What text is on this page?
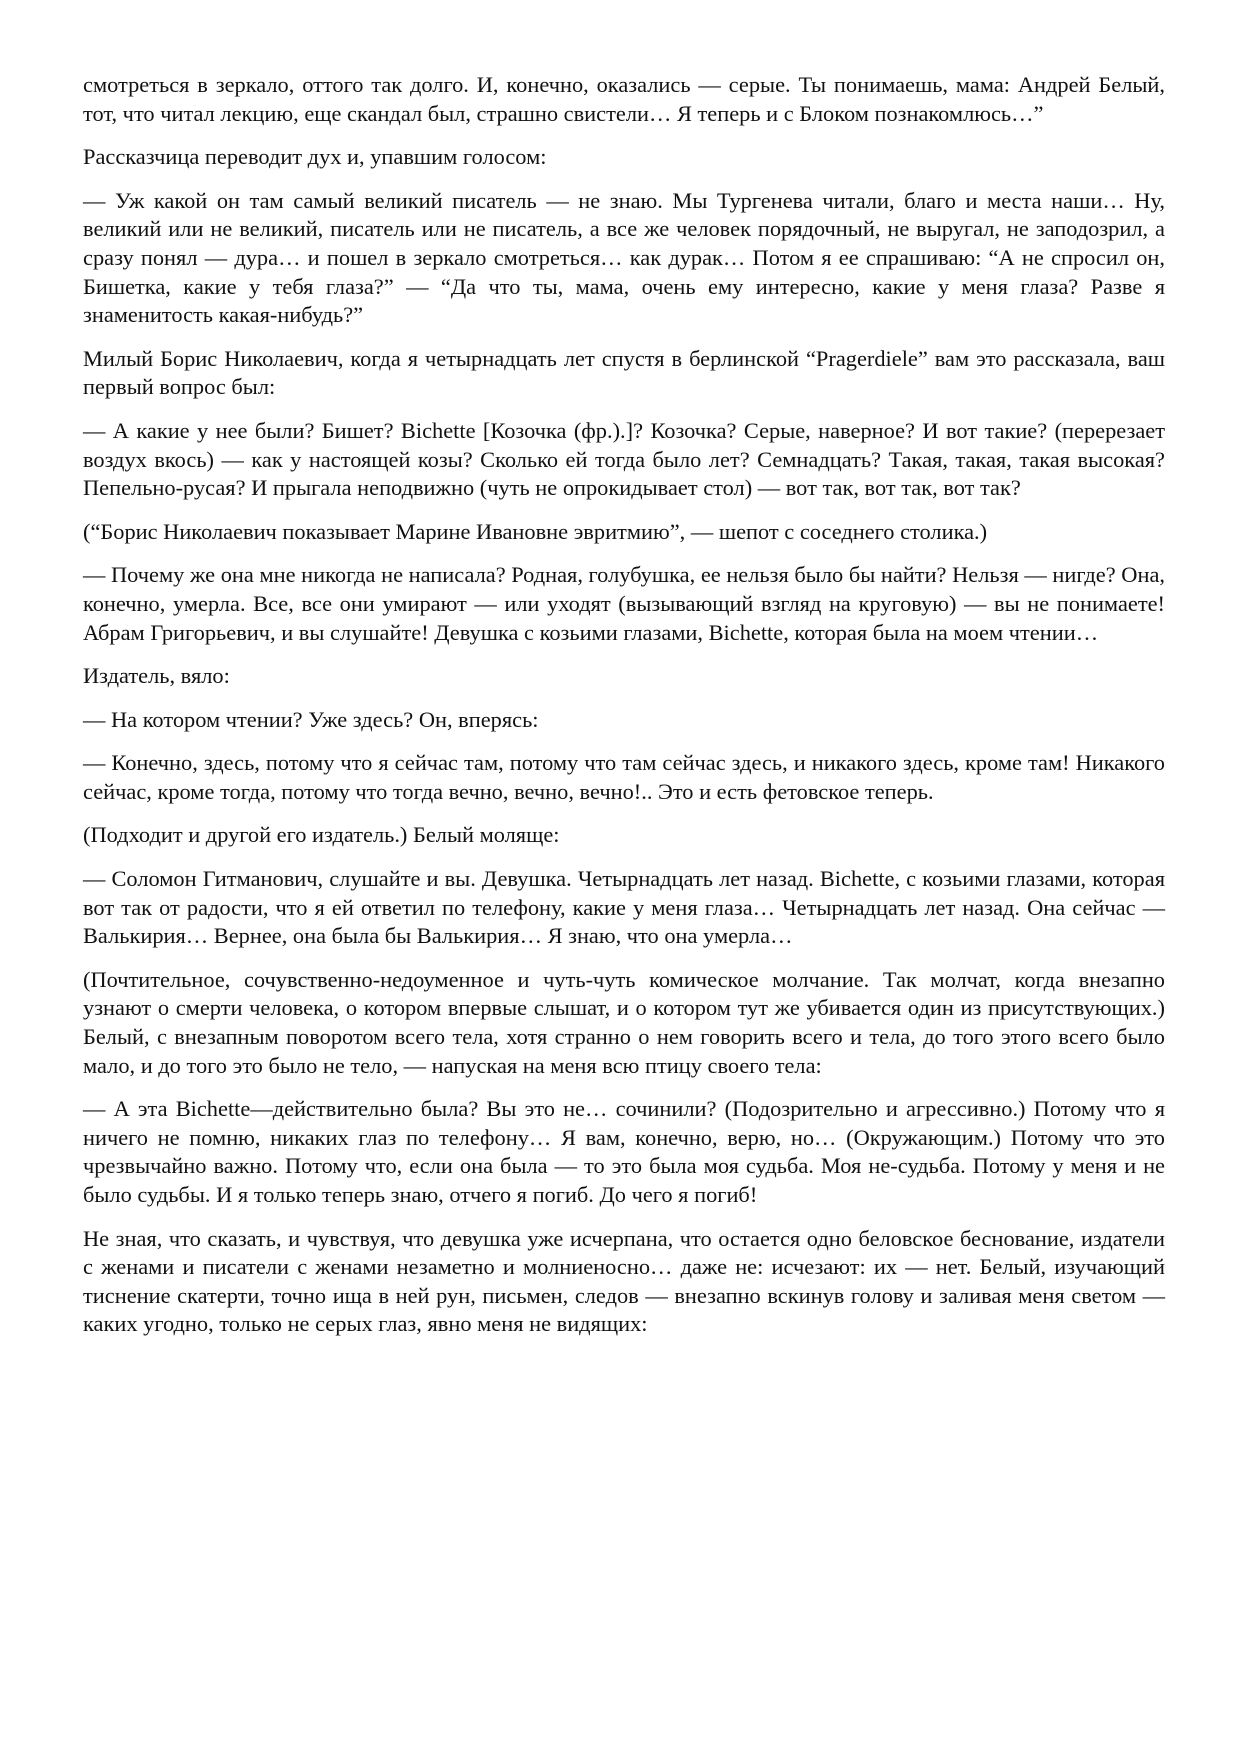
смотреться в зеркало, оттого так долго. И, конечно, оказались — серые. Ты понимаешь, мама: Андрей Белый, тот, что читал лекцию, еще скандал был, страшно свистели… Я теперь и с Блоком познакомлюсь…”

Рассказчица переводит дух и, упавшим голосом:

— Уж какой он там самый великий писатель — не знаю. Мы Тургенева читали, благо и места наши… Ну, великий или не великий, писатель или не писатель, а все же человек порядочный, не выругал, не заподозрил, а сразу понял — дура… и пошел в зеркало смотреться… как дурак… Потом я ее спрашиваю: “А не спросил он, Бишетка, какие у тебя глаза?” — “Да что ты, мама, очень ему интересно, какие у меня глаза? Разве я знаменитость какая-нибудь?”

Милый Борис Николаевич, когда я четырнадцать лет спустя в берлинской “Pragerdiele” вам это рассказала, ваш первый вопрос был:

— А какие у нее были? Бишет? Bichette [Козочка (фр.).]? Козочка? Серые, наверное? И вот такие? (перерезает воздух вкось) — как у настоящей козы? Сколько ей тогда было лет? Семнадцать? Такая, такая, такая высокая? Пепельно-русая? И прыгала неподвижно (чуть не опрокидывает стол) — вот так, вот так, вот так?

(“Борис Николаевич показывает Марине Ивановне эвритмию”, — шепот с соседнего столика.)

— Почему же она мне никогда не написала? Родная, голубушка, ее нельзя было бы найти? Нельзя — нигде? Она, конечно, умерла. Все, все они умирают — или уходят (вызывающий взгляд на круговую) — вы не понимаете! Абрам Григорьевич, и вы слушайте! Девушка с козьими глазами, Bichette, которая была на моем чтении…

Издатель, вяло:

— На котором чтении? Уже здесь? Он, вперясь:

— Конечно, здесь, потому что я сейчас там, потому что там сейчас здесь, и никакого здесь, кроме там! Никакого сейчас, кроме тогда, потому что тогда вечно, вечно, вечно!.. Это и есть фетовское теперь.

(Подходит и другой его издатель.) Белый моляще:

— Соломон Гитманович, слушайте и вы. Девушка. Четырнадцать лет назад. Bichette, с козьими глазами, которая вот так от радости, что я ей ответил по телефону, какие у меня глаза… Четырнадцать лет назад. Она сейчас — Валькирия… Вернее, она была бы Валькирия… Я знаю, что она умерла…

(Почтительное, сочувственно-недоуменное и чуть-чуть комическое молчание. Так молчат, когда внезапно узнают о смерти человека, о котором впервые слышат, и о котором тут же убивается один из присутствующих.) Белый, с внезапным поворотом всего тела, хотя странно о нем говорить всего и тела, до того этого всего было мало, и до того это было не тело, — напуская на меня всю птицу своего тела:

— А эта Bichette—действительно была? Вы это не… сочинили? (Подозрительно и агрессивно.) Потому что я ничего не помню, никаких глаз по телефону… Я вам, конечно, верю, но… (Окружающим.) Потому что это чрезвычайно важно. Потому что, если она была — то это была моя судьба. Моя не-судьба. Потому у меня и не было судьбы. И я только теперь знаю, отчего я погиб. До чего я погиб!

Не зная, что сказать, и чувствуя, что девушка уже исчерпана, что остается одно беловское беснование, издатели с женами и писатели с женами незаметно и молниеносно… даже не: исчезают: их — нет. Белый, изучающий тиснение скатерти, точно ища в ней рун, письмен, следов — внезапно вскинув голову и заливая меня светом — каких угодно, только не серых глаз, явно меня не видящих:
